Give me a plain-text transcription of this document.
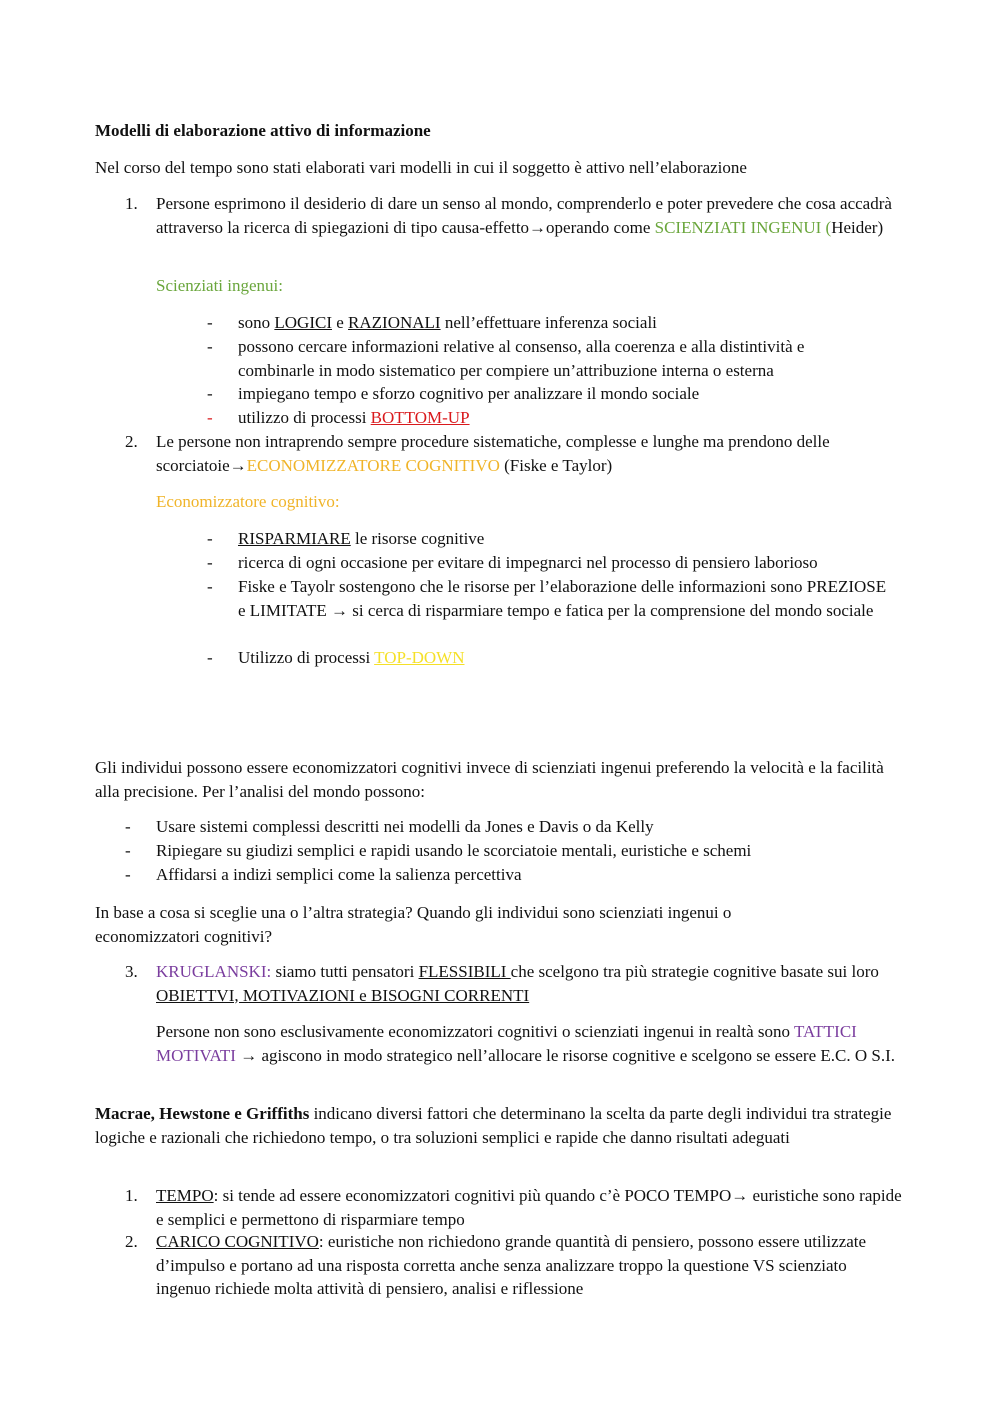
Modelli di elaborazione attivo di informazione

Nel corso del tempo sono stati elaborati vari modelli in cui il soggetto è attivo nell’elaborazione

1. Persone esprimono il desiderio di dare un senso al mondo, comprenderlo e poter prevedere che cosa accadrà attraverso la ricerca di spiegazioni di tipo causa-effetto→operando come SCIENZIATI INGENUI (Heider)

Scienziati ingenui:

- sono LOGICI e RAZIONALI nell’effettuare inferenza sociali
- possono cercare informazioni relative al consenso, alla coerenza e alla distintività e combinarle in modo sistematico per compiere un’attribuzione interna o esterna
- impiegano tempo e sforzo cognitivo per analizzare il mondo sociale
- utilizzo di processi BOTTOM-UP
2. Le persone non intraprendo sempre procedure sistematiche, complesse e lunghe ma prendono delle scorciatoie→ECONOMIZZATORE COGNITIVO (Fiske e Taylor)

Economizzatore cognitivo:

- RISPARMIARE le risorse cognitive
- ricerca di ogni occasione per evitare di impegnarci nel processo di pensiero laborioso
- Fiske e Tayolr sostengono che le risorse per l’elaborazione delle informazioni sono PREZIOSE e LIMITATE → si cerca di risparmiare tempo e fatica per la comprensione del mondo sociale
- Utilizzo di processi TOP-DOWN

Gli individui possono essere economizzatori cognitivi invece di scienziati ingenui preferendo la velocità e la facilità alla precisione. Per l’analisi del mondo possono:

- Usare sistemi complessi descritti nei modelli da Jones e Davis o da Kelly
- Ripiegare su giudizi semplici e rapidi usando le scorciatoie mentali, euristiche e schemi
- Affidarsi a indizi semplici come la salienza percettiva

In base a cosa si sceglie una o l’altra strategia? Quando gli individui sono scienziati ingenui o economizzatori cognitivi?

3. KRUGLANSKI: siamo tutti pensatori FLESSIBILI che scelgono tra più strategie cognitive basate sui loro OBIETTVI, MOTIVAZIONI e BISOGNI CORRENTI

Persone non sono esclusivamente economizzatori cognitivi o scienziati ingenui in realtà sono TATTICI MOTIVATI → agiscono in modo strategico nell’allocare le risorse cognitive e scelgono se essere E.C. O S.I.

Macrae, Hewstone e Griffiths indicano diversi fattori che determinano la scelta da parte degli individui tra strategie logiche e razionali che richiedono tempo, o tra soluzioni semplici e rapide che danno risultati adeguati

1. TEMPO: si tende ad essere economizzatori cognitivi più quando c’è POCO TEMPO→ euristiche sono rapide e semplici e permettono di risparmiare tempo
2. CARICO COGNITIVO: euristiche non richiedono grande quantità di pensiero, possono essere utilizzate d’impulso e portano ad una risposta corretta anche senza analizzare troppo la questione VS scienziato ingenuo richiede molta attività di pensiero, analisi e riflessione
